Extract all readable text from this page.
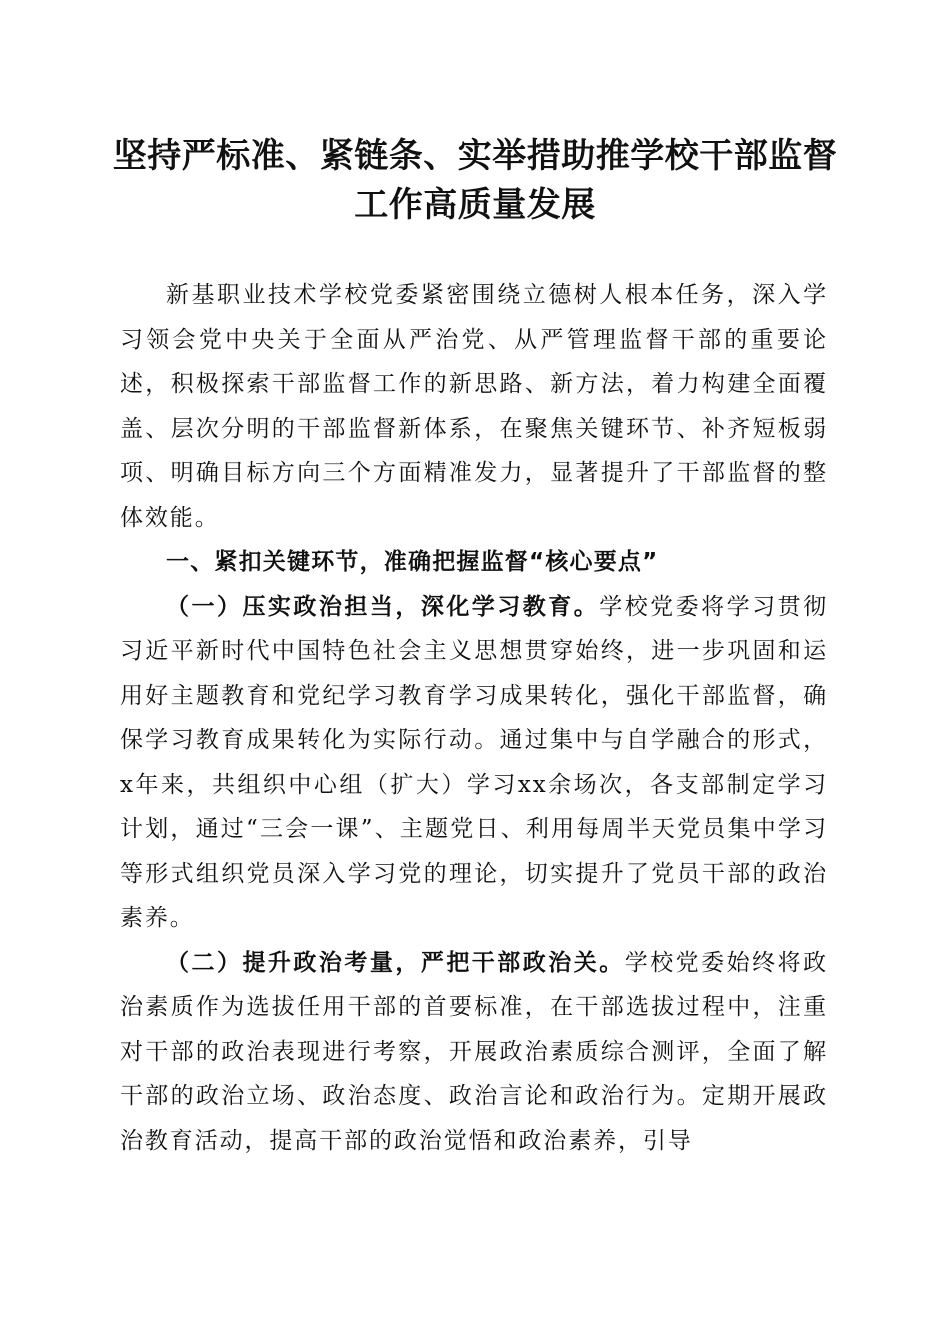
坚持严标准、紧链条、实举措助推学校干部监督工作高质量发展

新基职业技术学校党委紧密围绕立德树人根本任务，深入学习领会党中央关于全面从严治党、从严管理监督干部的重要论述，积极探索干部监督工作的新思路、新方法，着力构建全面覆盖、层次分明的干部监督新体系，在聚焦关键环节、补齐短板弱项、明确目标方向三个方面精准发力，显著提升了干部监督的整体效能。

一、紧扣关键环节，准确把握监督“核心要点”

（一）压实政治担当，深化学习教育。学校党委将学习贯彻习近平新时代中国特色社会主义思想贯穿始终，进一步巩固和运用好主题教育和党纪学习教育学习成果转化，强化干部监督，确保学习教育成果转化为实际行动。通过集中与自学融合的形式，x年来，共组织中心组（扩大）学习xx余场次，各支部制定学习计划，通过“三会一课”、主题党日、利用每周半天党员集中学习等形式组织党员深入学习党的理论，切实提升了党员干部的政治素养。

（二）提升政治考量，严把干部政治关。学校党委始终将政治素质作为选拔任用干部的首要标准，在干部选拔过程中，注重对干部的政治表现进行考察，开展政治素质综合测评，全面了解干部的政治立场、政治态度、政治言论和政治行为。定期开展政治教育活动，提高干部的政治觉悟和政治素养，引导
